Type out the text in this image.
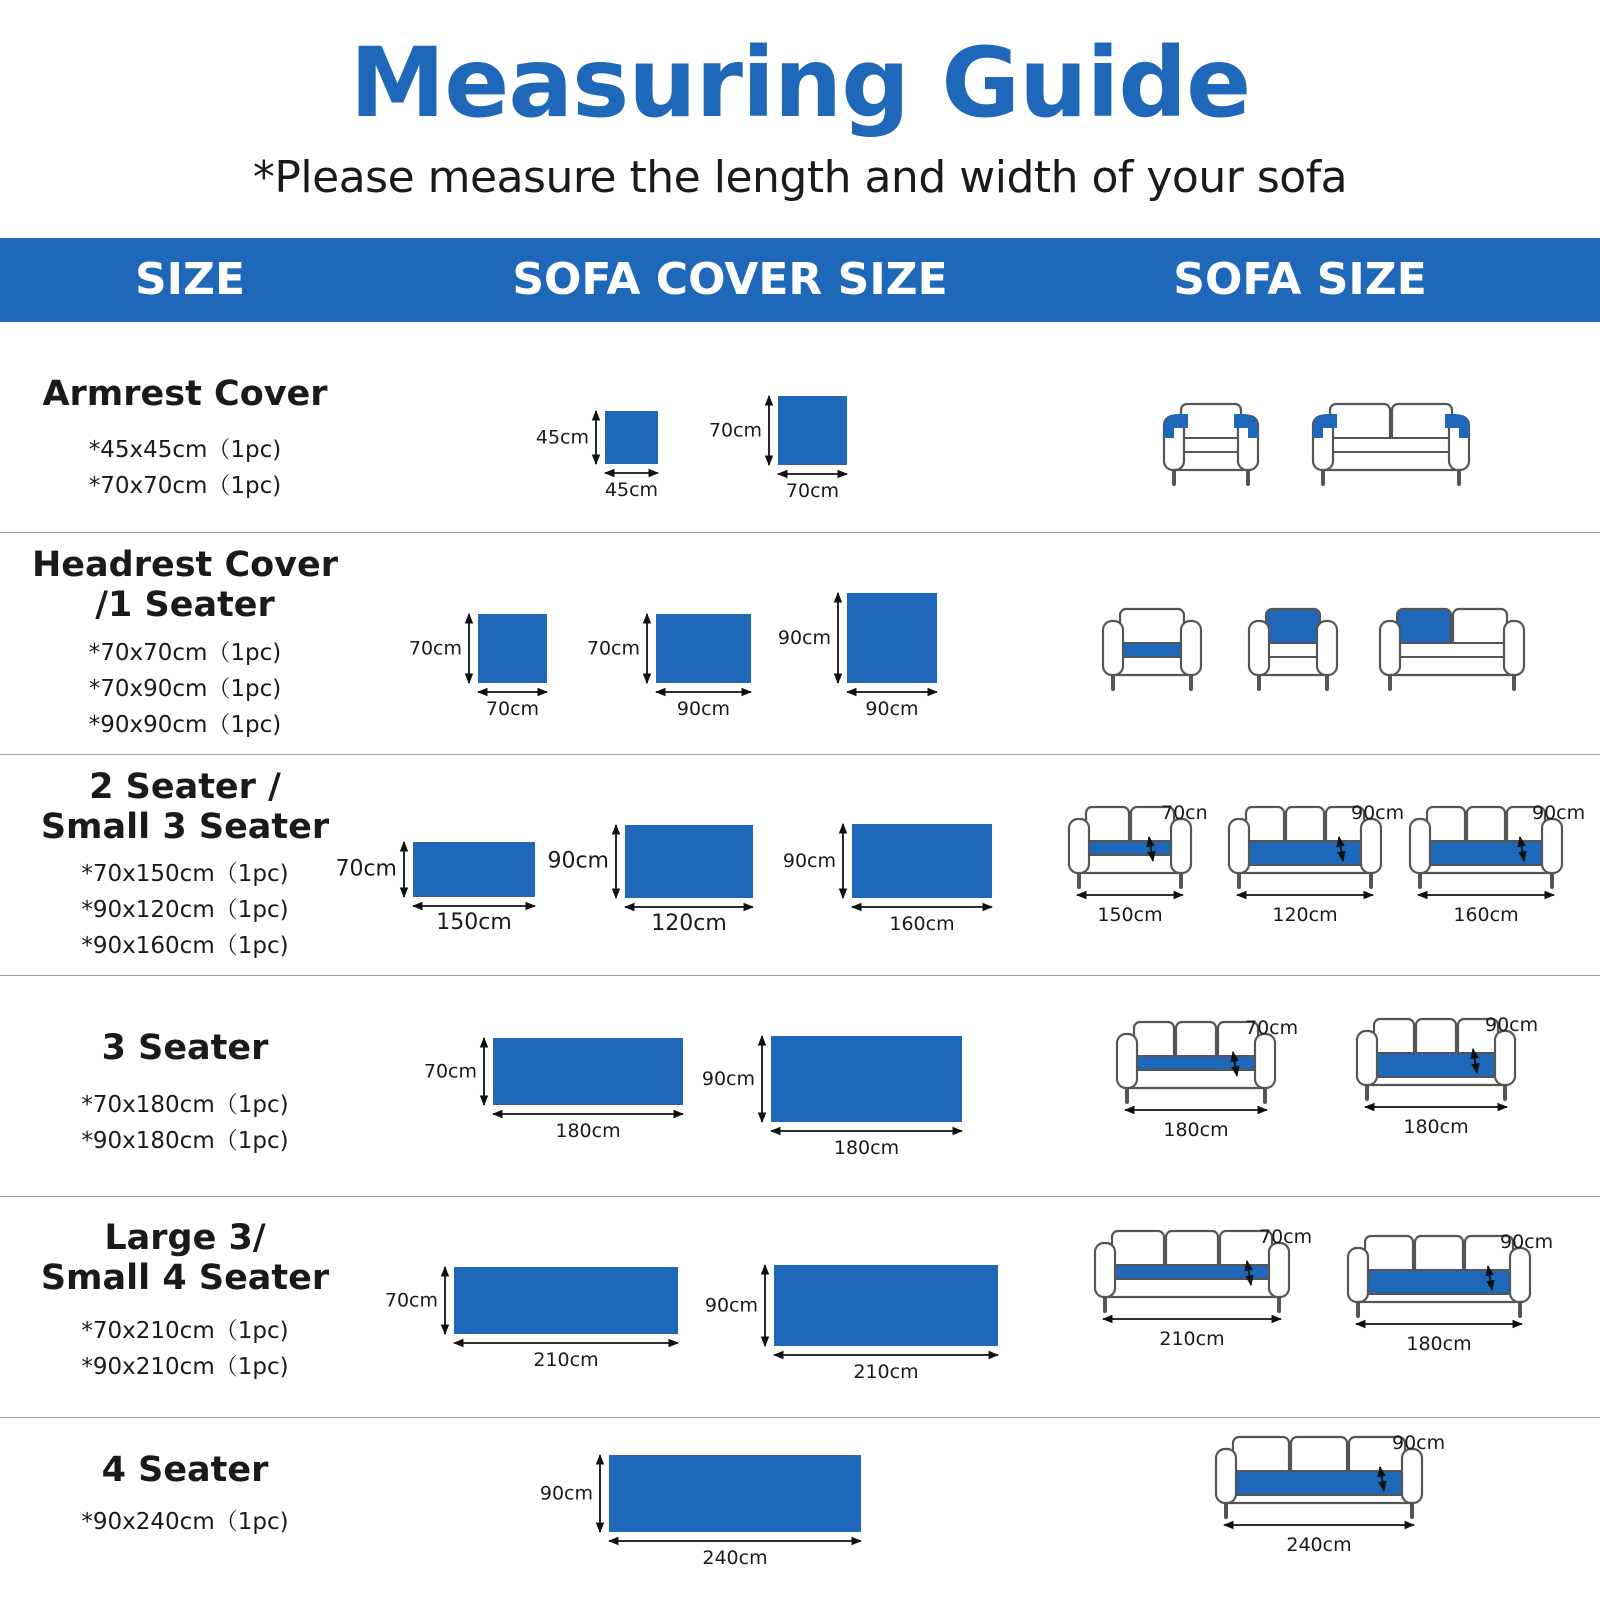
Measuring Guide
*Please measure the length and width of your sofa
SIZE	SOFA COVER SIZE	SOFA SIZE
Armrest Cover
*45x45cm（1pc)
*70x70cm（1pc)
Headrest Cover
/1 Seater
*70x70cm（1pc)
*70x90cm（1pc)
*90x90cm（1pc)
2 Seater /
Small 3 Seater
*70x150cm（1pc)
*90x120cm（1pc)
*90x160cm（1pc)
3 Seater
*70x180cm（1pc)
*90x180cm（1pc)
Large 3/
Small 4 Seater
*70x210cm（1pc)
*90x210cm（1pc)
4 Seater
*90x240cm（1pc)
45cm
45cm
70cm
70cm
70cm
70cm
70cm
90cm
90cm
90cm
70cm
150cm
90cm
120cm
90cm
160cm
70cm
180cm
90cm
180cm
70cm
210cm
90cm
210cm
90cm
240cm
150cm
70cn
120cm
90cm
160cm
90cm
180cm
70cm
180cm
90cm
210cm
70cm
180cm
90cm
240cm
90cm
